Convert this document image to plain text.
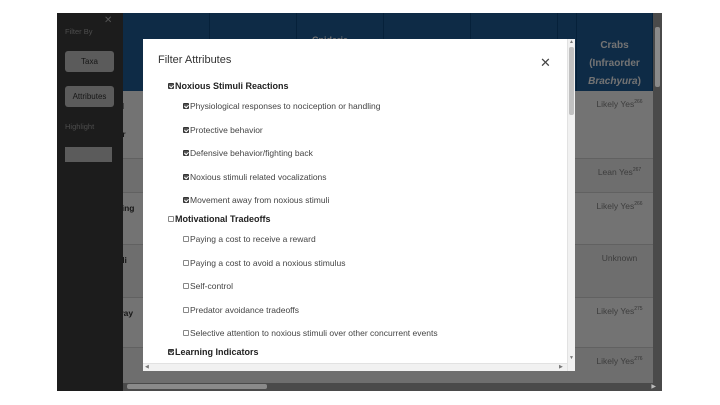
▶
Filter Attributes	✕
Noxious Stimuli Reactions
Physiological responses to nociception or handling
Protective behavior
Defensive behavior/fighting back
Noxious stimuli related vocalizations
Movement away from noxious stimuli
Motivational Tradeoffs
Paying a cost to receive a reward
Paying a cost to avoid a noxious stimulus
Self-control
Predator avoidance tradeoffs
Selective attention to noxious stimuli over other concurrent events
Learning Indicators
▲
▼
◀	▶
